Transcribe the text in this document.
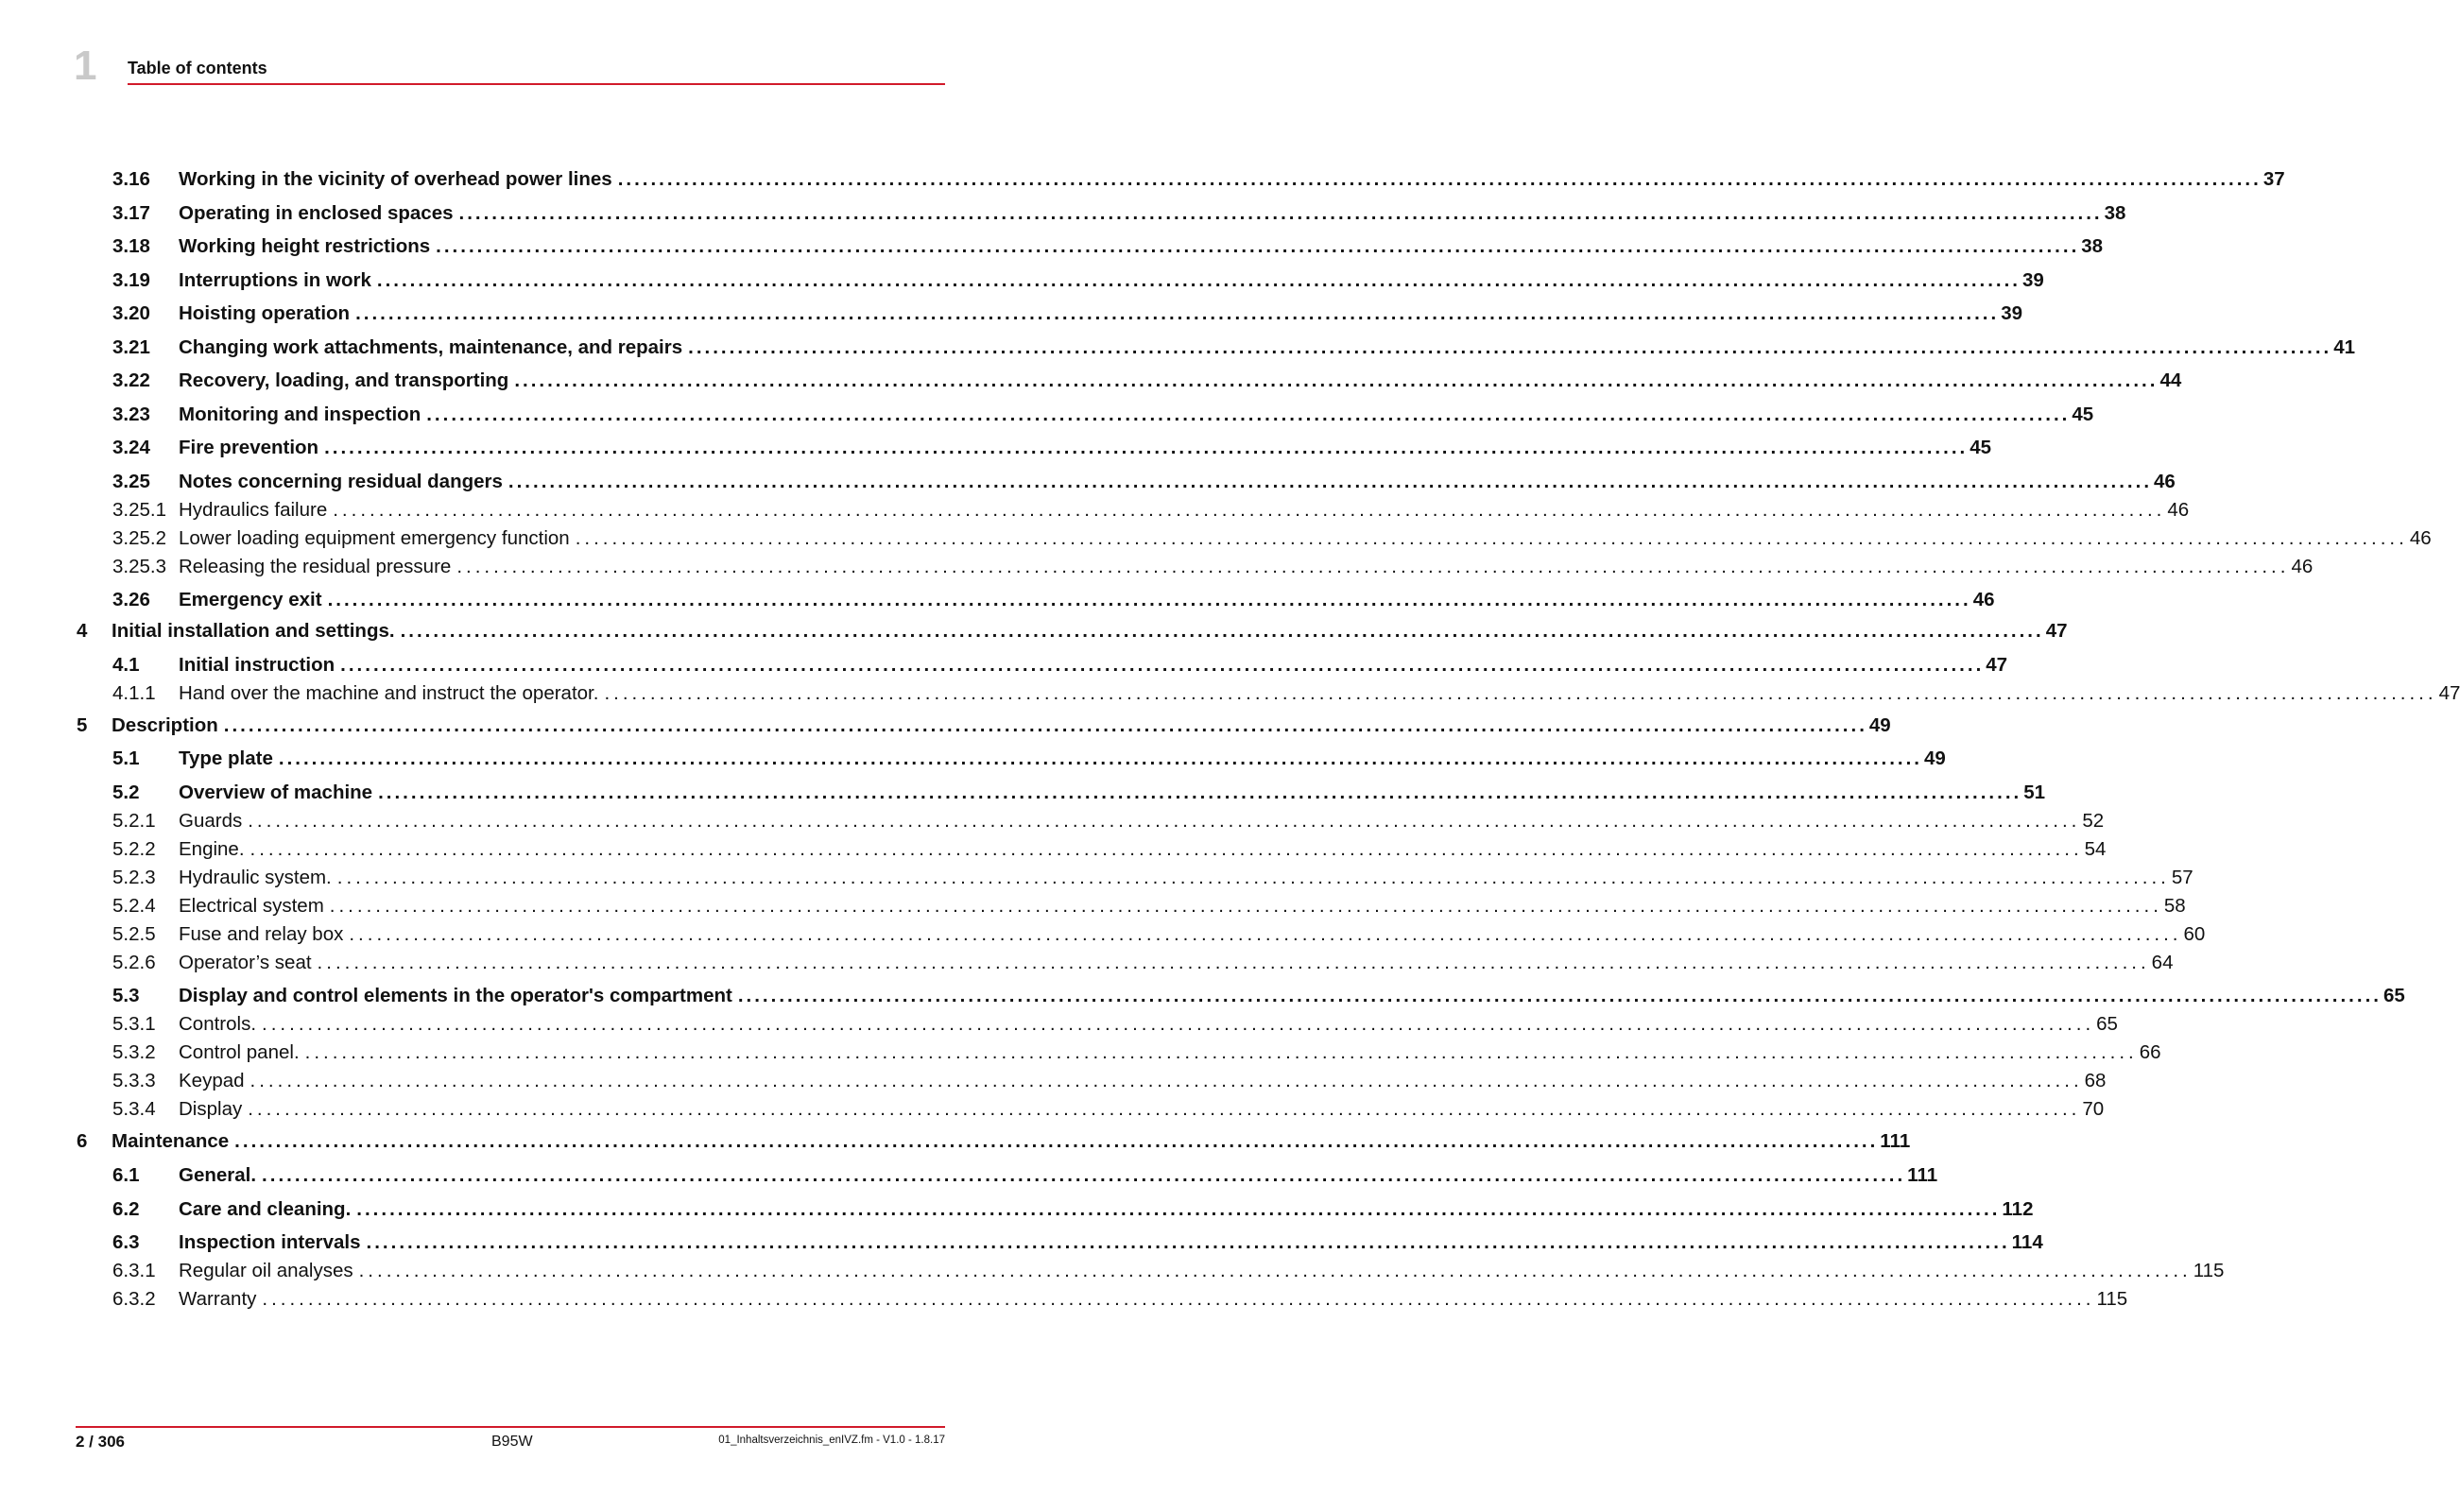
1 Table of contents
3.16	Working in the vicinity of overhead power lines ........................................................................................................................................................................................................ 37
3.17	Operating in enclosed spaces ........................................................................................................................................................................................................ 38
3.18	Working height restrictions ........................................................................................................................................................................................................ 38
3.19	Interruptions in work ........................................................................................................................................................................................................ 39
3.20	Hoisting operation ........................................................................................................................................................................................................ 39
3.21	Changing work attachments, maintenance, and repairs ........................................................................................................................................................................................................ 41
3.22	Recovery, loading, and transporting ........................................................................................................................................................................................................ 44
3.23	Monitoring and inspection ........................................................................................................................................................................................................ 45
3.24	Fire prevention ........................................................................................................................................................................................................ 45
3.25	Notes concerning residual dangers ........................................................................................................................................................................................................ 46
3.25.1 Hydraulics failure ........................................................................................................................................................................................................ 46
3.25.2 Lower loading equipment emergency function ........................................................................................................................................................................................................ 46
3.25.3 Releasing the residual pressure ........................................................................................................................................................................................................ 46
3.26	Emergency exit ........................................................................................................................................................................................................ 46
4	Initial installation and settings. ........................................................................................................................................................................................................ 47
4.1	Initial instruction ........................................................................................................................................................................................................ 47
4.1.1	Hand over the machine and instruct the operator. ........................................................................................................................................................................................................ 47
5	Description ........................................................................................................................................................................................................ 49
5.1	Type plate ........................................................................................................................................................................................................ 49
5.2	Overview of machine ........................................................................................................................................................................................................ 51
5.2.1	Guards ........................................................................................................................................................................................................ 52
5.2.2	Engine. ........................................................................................................................................................................................................ 54
5.2.3	Hydraulic system. ........................................................................................................................................................................................................ 57
5.2.4	Electrical system ........................................................................................................................................................................................................ 58
5.2.5	Fuse and relay box ........................................................................................................................................................................................................ 60
5.2.6	Operator’s seat ........................................................................................................................................................................................................ 64
5.3	Display and control elements in the operator's compartment ........................................................................................................................................................................................................ 65
5.3.1	Controls. ........................................................................................................................................................................................................ 65
5.3.2	Control panel. ........................................................................................................................................................................................................ 66
5.3.3	Keypad ........................................................................................................................................................................................................ 68
5.3.4	Display ........................................................................................................................................................................................................ 70
6	Maintenance ........................................................................................................................................................................................................ 111
6.1	General. ........................................................................................................................................................................................................ 111
6.2	Care and cleaning. ........................................................................................................................................................................................................ 112
6.3	Inspection intervals ........................................................................................................................................................................................................ 114
6.3.1	Regular oil analyses ........................................................................................................................................................................................................ 115
6.3.2	Warranty ........................................................................................................................................................................................................ 115
2 / 306	B95W	01_Inhaltsverzeichnis_enIVZ.fm - V1.0 - 1.8.17
